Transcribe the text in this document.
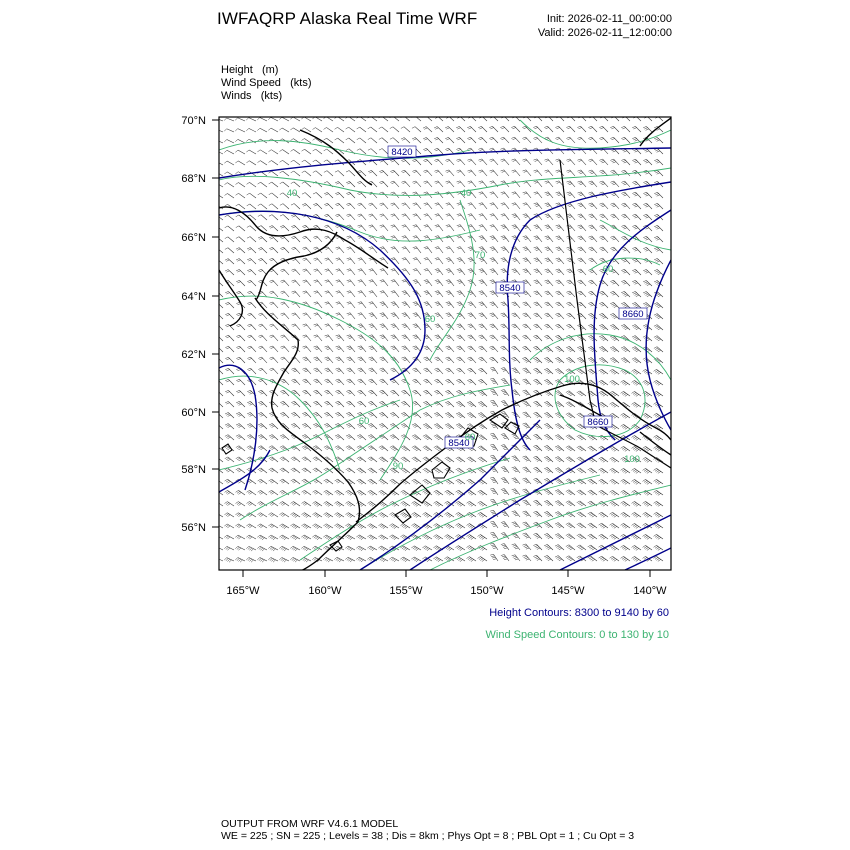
IWFAQRP Alaska Real Time WRF	Init: 2026-02-11_00:00:00
Valid: 2026-02-11_12:00:00
Height   (m)
Wind Speed   (kts)
Winds   (kts)
70°N
68°N
66°N
64°N
62°N
60°N
58°N
56°N
165°W	160°W	155°W	150°W	145°W	140°W
8420
8540
8660
8660
8540
40	40
70
60
60
90
100
100
60
60
Height Contours: 8300 to 9140 by 60
Wind Speed Contours: 0 to 130 by 10
OUTPUT FROM WRF V4.6.1 MODEL
WE = 225 ; SN = 225 ; Levels = 38 ; Dis = 8km ; Phys Opt = 8 ; PBL Opt = 1 ; Cu Opt = 3
